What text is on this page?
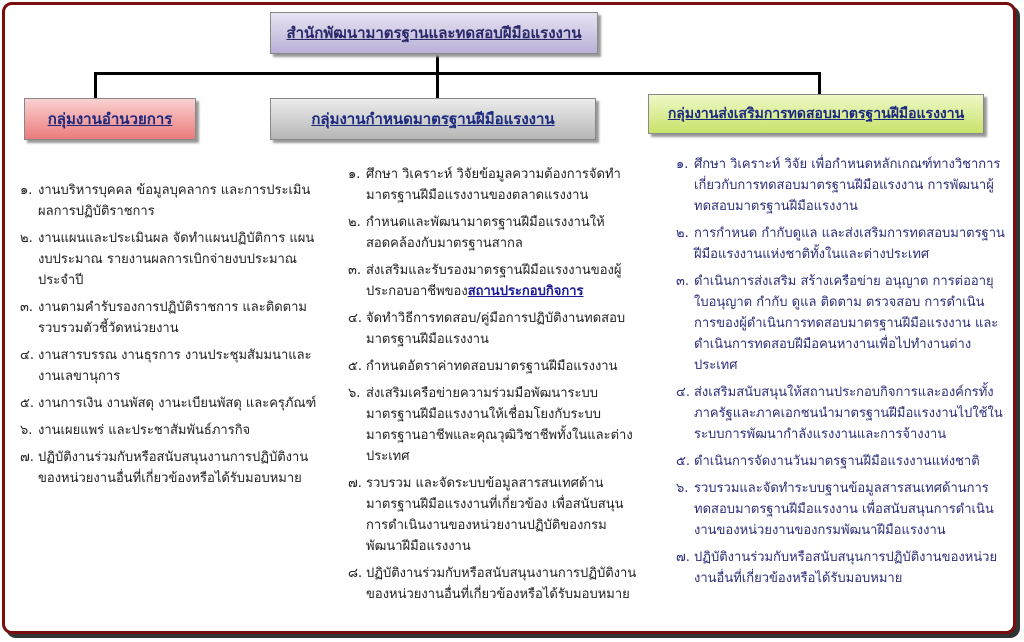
สำนักพัฒนามาตรฐานและทดสอบฝีมือแรงงาน
กลุ่มงานอำนวยการ	กลุ่มงานกำหนดมาตรฐานฝีมือแรงงาน	กลุ่มงานส่งเสริมการทดสอบมาตรฐานฝีมือแรงงาน
๑. งานบริหารบุคคล ข้อมูลบุคลากร และการประเมินผลการปฏิบัติราชการ
๒. งานแผนและประเมินผล จัดทำแผนปฏิบัติการ แผนงบประมาณ รายงานผลการเบิกจ่ายงบประมาณประจำปี
๓. งานตามคำรับรองการปฏิบัติราชการ และติดตามรวบรวมตัวชี้วัดหน่วยงาน
๔. งานสารบรรณ งานธุรการ งานประชุมสัมมนาและงานเลขานุการ
๕. งานการเงิน งานพัสดุ งานะเบียนพัสดุ และครุภัณฑ์
๖. งานเผยแพร่ และประชาสัมพันธ์ภารกิจ
๗. ปฏิบัติงานร่วมกับหรือสนับสนุนงานการปฏิบัติงานของหน่วยงานอื่นที่เกี่ยวข้องหรือได้รับมอบหมาย
๑. ศึกษา วิเคราะห์ วิจัยข้อมูลความต้องการจัดทำมาตรฐานฝีมือแรงงานของตลาดแรงงาน
๒. กำหนดและพัฒนามาตรฐานฝีมือแรงงานให้สอดคล้องกับมาตรฐานสากล
๓. ส่งเสริมและรับรองมาตรฐานฝีมือแรงงานของผู้ประกอบอาชีพของสถานประกอบกิจการ
๔. จัดทำวิธีการทดสอบ/คู่มือการปฏิบัติงานทดสอบมาตรฐานฝีมือแรงงาน
๕. กำหนดอัตราค่าทดสอบมาตรฐานฝีมือแรงงาน
๖. ส่งเสริมเครือข่ายความร่วมมือพัฒนาระบบมาตรฐานฝีมือแรงงานให้เชื่อมโยงกับระบบมาตรฐานอาชีพและคุณวุฒิวิชาชีพทั้งในและต่างประเทศ
๗. รวบรวม และจัดระบบข้อมูลสารสนเทศด้านมาตรฐานฝีมือแรงงานที่เกี่ยวข้อง เพื่อสนับสนุนการดำเนินงานของหน่วยงานปฏิบัติของกรมพัฒนาฝีมือแรงงาน
๘. ปฏิบัติงานร่วมกับหรือสนับสนุนงานการปฏิบัติงานของหน่วยงานอื่นที่เกี่ยวข้องหรือได้รับมอบหมาย
๑. ศึกษา วิเคราะห์ วิจัย เพื่อกำหนดหลักเกณฑ์ทางวิชาการเกี่ยวกับการทดสอบมาตรฐานฝีมือแรงงาน การพัฒนาผู้ทดสอบมาตรฐานฝีมือแรงงาน
๒. การกำหนด กำกับดูแล และส่งเสริมการทดสอบมาตรฐานฝีมือแรงงานแห่งชาติทั้งในและต่างประเทศ
๓. ดำเนินการส่งเสริม สร้างเครือข่าย อนุญาต การต่ออายุใบอนุญาต กำกับ ดูแล ติดตาม ตรวจสอบ การดำเนินการของผู้ดำเนินการทดสอบมาตรฐานฝีมือแรงงาน และดำเนินการทดสอบฝีมือคนหางานเพื่อไปทำงานต่างประเทศ
๔. ส่งเสริมสนับสนุนให้สถานประกอบกิจการและองค์กรทั้งภาครัฐและภาคเอกชนนำมาตรฐานฝีมือแรงงานไปใช้ในระบบการพัฒนากำลังแรงงานและการจ้างงาน
๕. ดำเนินการจัดงานวันมาตรฐานฝีมือแรงงานแห่งชาติ
๖. รวบรวมและจัดทำระบบฐานข้อมูลสารสนเทศด้านการทดสอบมาตรฐานฝีมือแรงงาน เพื่อสนับสนุนการดำเนินงานของหน่วยงานของกรมพัฒนาฝีมือแรงงาน
๗. ปฏิบัติงานร่วมกับหรือสนับสนุนการปฏิบัติงานของหน่วยงานอื่นที่เกี่ยวข้องหรือได้รับมอบหมาย
